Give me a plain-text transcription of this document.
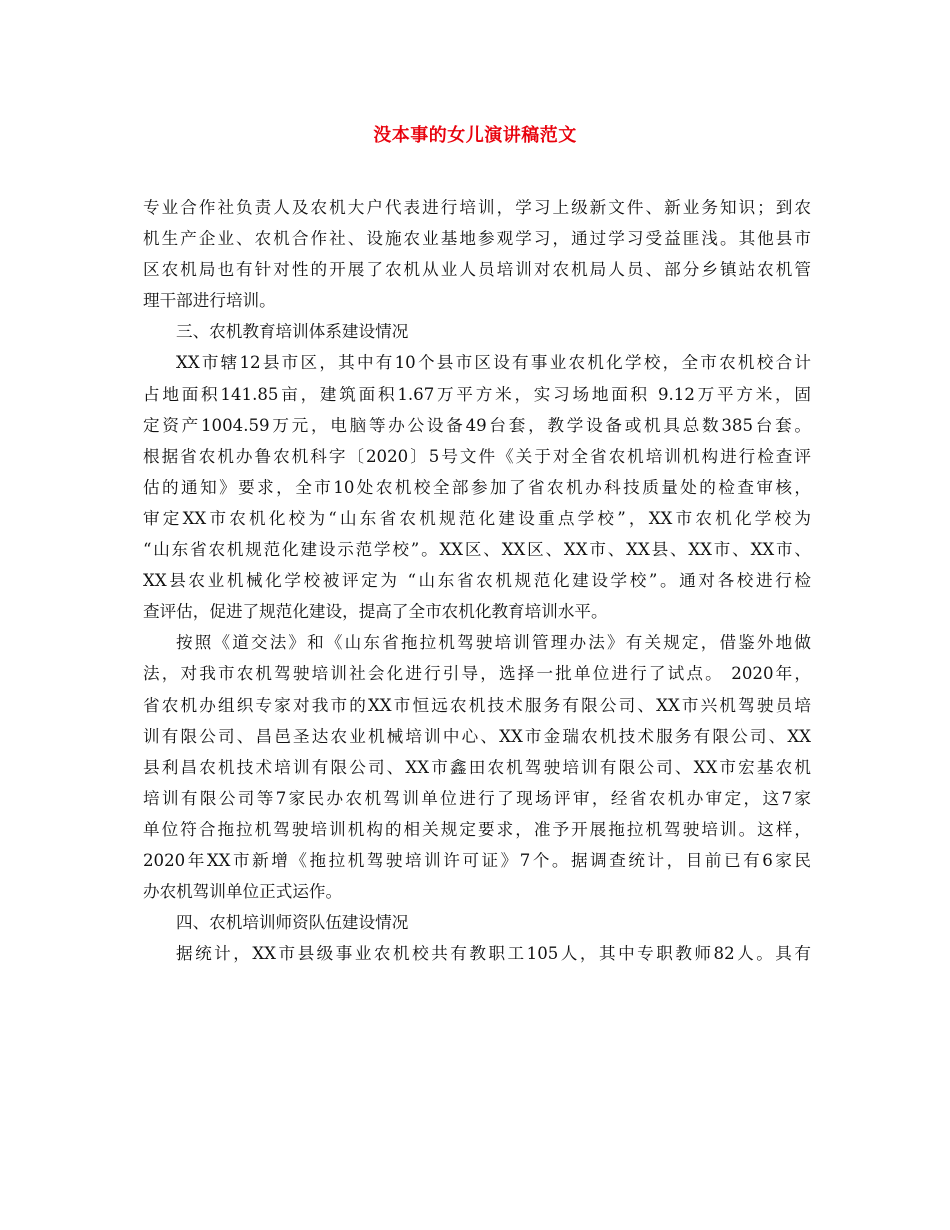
没本事的女儿演讲稿范文
专业合作社负责人及农机大户代表进行培训，学习上级新文件、新业务知识；到农
机生产企业、农机合作社、设施农业基地参观学习，通过学习受益匪浅。其他县市
区农机局也有针对性的开展了农机从业人员培训对农机局人员、部分乡镇站农机管
理干部进行培训。
三、农机教育培训体系建设情况
XX市辖12县市区，其中有10个县市区设有事业农机化学校，全市农机校合计
占地面积141.85亩，建筑面积1.67万平方米，实习场地面积 9.12万平方米，固
定资产1004.59万元，电脑等办公设备49台套，教学设备或机具总数385台套。
根据省农机办鲁农机科字〔2020〕5号文件《关于对全省农机培训机构进行检查评
估的通知》要求，全市10处农机校全部参加了省农机办科技质量处的检查审核，
审定XX市农机化校为“山东省农机规范化建设重点学校”，XX市农机化学校为
“山东省农机规范化建设示范学校”。XX区、XX区、XX市、XX县、XX市、XX市、
XX县农业机械化学校被评定为 “山东省农机规范化建设学校”。通对各校进行检
查评估，促进了规范化建设，提高了全市农机化教育培训水平。
按照《道交法》和《山东省拖拉机驾驶培训管理办法》有关规定，借鉴外地做
法，对我市农机驾驶培训社会化进行引导，选择一批单位进行了试点。 2020年，
省农机办组织专家对我市的XX市恒远农机技术服务有限公司、XX市兴机驾驶员培
训有限公司、昌邑圣达农业机械培训中心、XX市金瑞农机技术服务有限公司、XX
县利昌农机技术培训有限公司、XX市鑫田农机驾驶培训有限公司、XX市宏基农机
培训有限公司等7家民办农机驾训单位进行了现场评审，经省农机办审定，这7家
单位符合拖拉机驾驶培训机构的相关规定要求，准予开展拖拉机驾驶培训。这样，
2020年XX市新增《拖拉机驾驶培训许可证》7个。据调查统计，目前已有6家民
办农机驾训单位正式运作。
四、农机培训师资队伍建设情况
据统计，XX市县级事业农机校共有教职工105人，其中专职教师82人。具有
